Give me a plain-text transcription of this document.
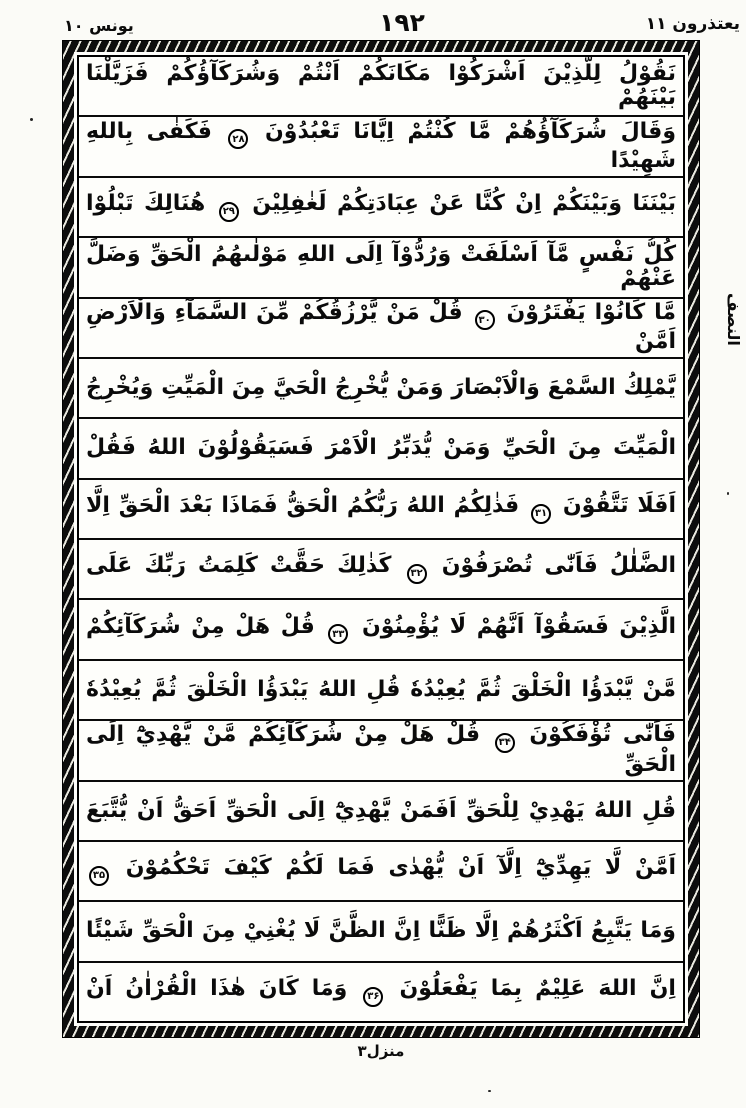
يعتذرون ۱۱
۱۹۲
يونس ۱۰
نَقُوْلُ لِلَّذِيْنَ اَشْرَكُوْا مَكَانَكُمْ اَنْتُمْ وَشُرَكَآؤُكُمْ فَزَيَّلْنَا بَيْنَهُمْ
وَقَالَ شُرَكَآؤُهُمْ مَّا كُنْتُمْ اِيَّانَا تَعْبُدُوْنَ ۲۸ فَكَفٰى بِاللهِ شَهِيْدًا
بَيْنَنَا وَبَيْنَكُمْ اِنْ كُنَّا عَنْ عِبَادَتِكُمْ لَغٰفِلِيْنَ ۲۹ هُنَالِكَ تَبْلُوْا
كُلُّ نَفْسٍ مَّآ اَسْلَفَتْ وَرُدُّوْآ اِلَى اللهِ مَوْلٰىهُمُ الْحَقِّ وَضَلَّ عَنْهُمْ
مَّا كَانُوْا يَفْتَرُوْنَ ۳۰ قُلْ مَنْ يَّرْزُقُكُمْ مِّنَ السَّمَآءِ وَالْاَرْضِ اَمَّنْ
يَّمْلِكُ السَّمْعَ وَالْاَبْصَارَ وَمَنْ يُّخْرِجُ الْحَيَّ مِنَ الْمَيِّتِ وَيُخْرِجُ
الْمَيِّتَ مِنَ الْحَيِّ وَمَنْ يُّدَبِّرُ الْاَمْرَ فَسَيَقُوْلُوْنَ اللهُ فَقُلْ
اَفَلَا تَتَّقُوْنَ ۳۱ فَذٰلِكُمُ اللهُ رَبُّكُمُ الْحَقُّ فَمَاذَا بَعْدَ الْحَقِّ اِلَّا
الضَّلٰلُ فَاَنّٰى تُصْرَفُوْنَ ۳۲ كَذٰلِكَ حَقَّتْ كَلِمَتُ رَبِّكَ عَلَى
الَّذِيْنَ فَسَقُوْآ اَنَّهُمْ لَا يُؤْمِنُوْنَ ۳۳ قُلْ هَلْ مِنْ شُرَكَآئِكُمْ
مَّنْ يَّبْدَؤُا الْخَلْقَ ثُمَّ يُعِيْدُهٗ قُلِ اللهُ يَبْدَؤُا الْخَلْقَ ثُمَّ يُعِيْدُهٗ
فَاَنّٰى تُؤْفَكُوْنَ ۳۴ قُلْ هَلْ مِنْ شُرَكَآئِكُمْ مَّنْ يَّهْدِيْٓ اِلَى الْحَقِّ
قُلِ اللهُ يَهْدِيْ لِلْحَقِّ اَفَمَنْ يَّهْدِيْٓ اِلَى الْحَقِّ اَحَقُّ اَنْ يُّتَّبَعَ
اَمَّنْ لَّا يَهِدِّيْٓ اِلَّآ اَنْ يُّهْدٰى فَمَا لَكُمْ كَيْفَ تَحْكُمُوْنَ ۳۵
وَمَا يَتَّبِعُ اَكْثَرُهُمْ اِلَّا ظَنًّا اِنَّ الظَّنَّ لَا يُغْنِيْ مِنَ الْحَقِّ شَيْئًا
اِنَّ اللهَ عَلِيْمٌ بِمَا يَفْعَلُوْنَ ۳۶ وَمَا كَانَ هٰذَا الْقُرْاٰنُ اَنْ
النصف
منزل۳
